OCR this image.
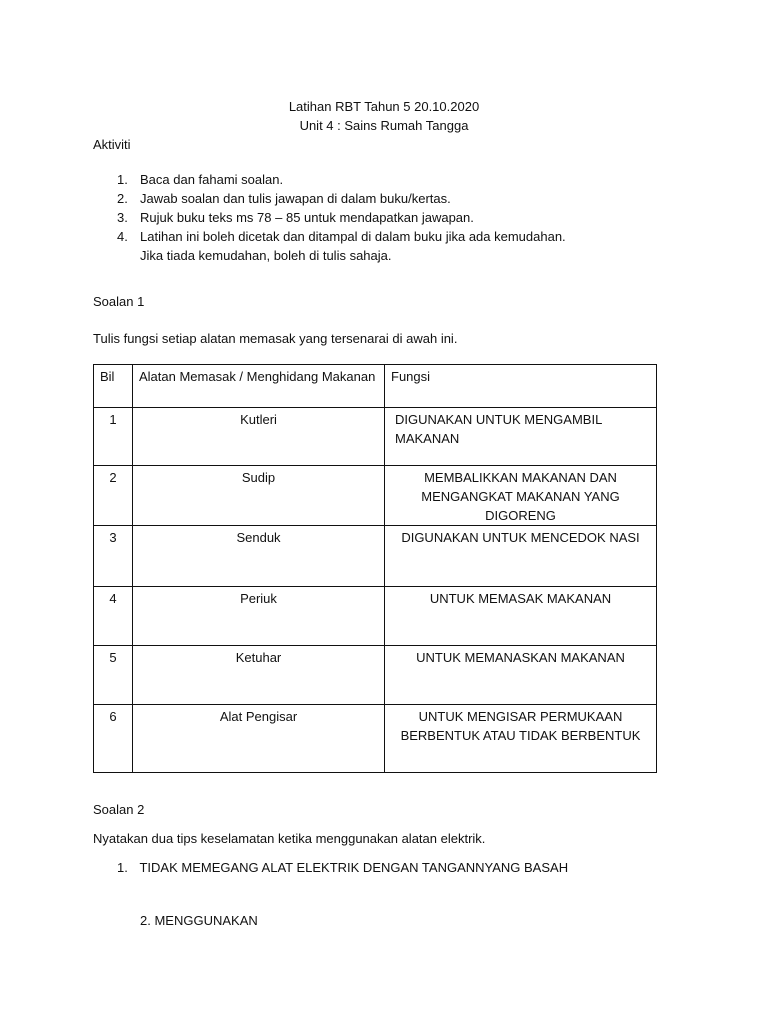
Latihan RBT Tahun 5 20.10.2020
Unit 4 : Sains Rumah Tangga
Aktiviti
1. Baca dan fahami soalan.
2. Jawab soalan dan tulis jawapan di dalam buku/kertas.
3. Rujuk buku teks ms 78 – 85 untuk mendapatkan jawapan.
4. Latihan ini boleh dicetak dan ditampal di dalam buku jika ada kemudahan.
Jika tiada kemudahan, boleh di tulis sahaja.
Soalan 1
Tulis fungsi setiap alatan memasak yang tersenarai di awah ini.
Bil	Alatan Memasak / Menghidang Makanan	Fungsi
1	Kutleri	DIGUNAKAN UNTUK MENGAMBIL MAKANAN
2	Sudip	MEMBALIKKAN MAKANAN DAN MENGANGKAT MAKANAN YANG DIGORENG
3	Senduk	DIGUNAKAN UNTUK MENCEDOK NASI
4	Periuk	UNTUK MEMASAK MAKANAN
5	Ketuhar	UNTUK MEMANASKAN MAKANAN
6	Alat Pengisar	UNTUK MENGISAR PERMUKAAN BERBENTUK ATAU TIDAK BERBENTUK
Soalan 2
Nyatakan dua tips keselamatan ketika menggunakan alatan elektrik.
1. TIDAK MEMEGANG ALAT ELEKTRIK DENGAN TANGANNYANG BASAH
2. MENGGUNAKAN
